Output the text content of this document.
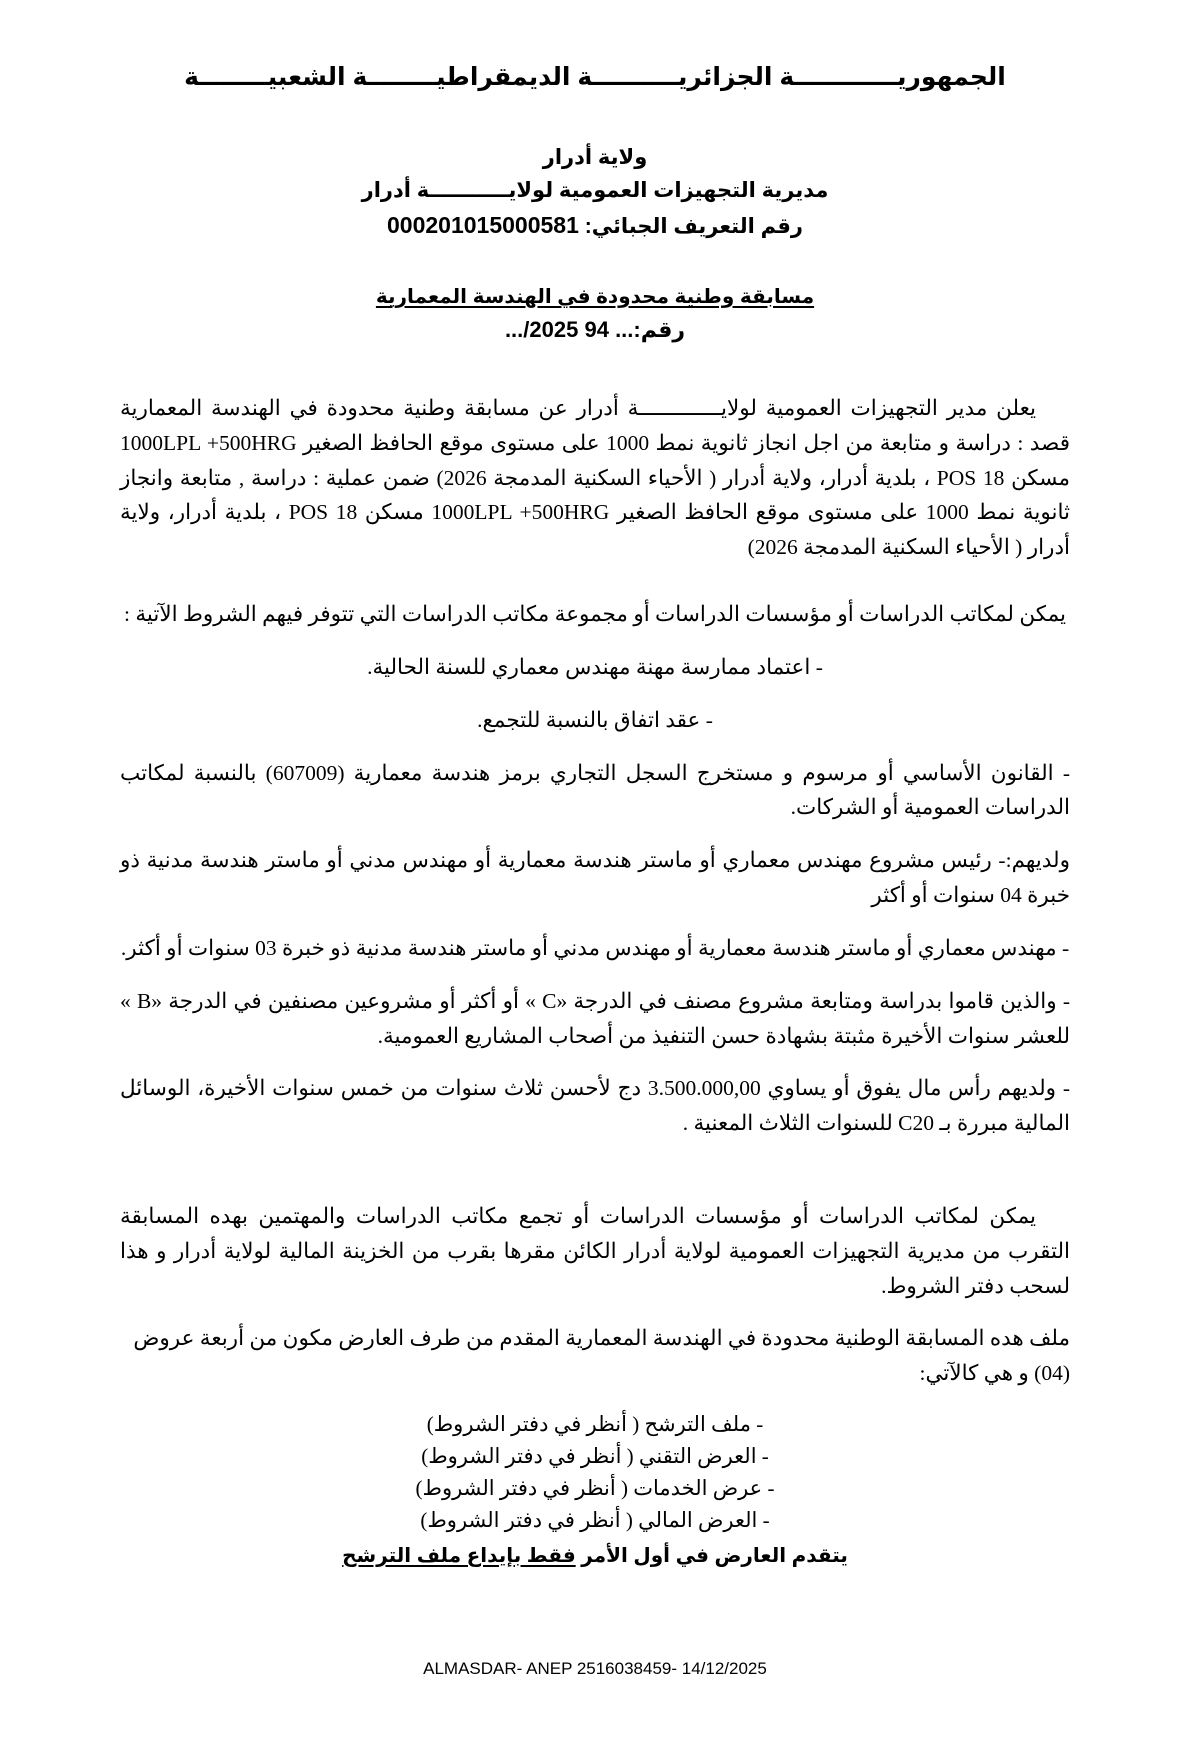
الجمهوريــــــــــــة الجزائريــــــــــة الديمقراطيــــــــة الشعبيــــــــة
ولاية أدرار
مديرية التجهيزات العمومية لولايـــــــــــة أدرار
رقم التعريف الجبائي: 000201015000581
مسابقة وطنية محدودة في الهندسة المعمارية
رقم:... 94 .../2025

يعلن مدير التجهيزات العمومية لولايـــــــــــــة أدرار عن مسابقة وطنية محدودة في الهندسة المعمارية قصد : دراسة و متابعة من اجل انجاز ثانوية نمط 1000 على مستوى موقع الحافظ الصغير 1000LPL +500HRG مسكن POS 18 ، بلدية أدرار، ولاية أدرار ( الأحياء السكنية المدمجة 2026) ضمن عملية : دراسة , متابعة وانجاز ثانوية نمط 1000 على مستوى موقع الحافظ الصغير 1000LPL +500HRG مسكن POS 18 ، بلدية أدرار، ولاية أدرار ( الأحياء السكنية المدمجة 2026)

يمكن لمكاتب الدراسات أو مؤسسات الدراسات أو مجموعة مكاتب الدراسات التي تتوفر فيهم الشروط الآتية :

- اعتماد ممارسة مهنة مهندس معماري للسنة الحالية.

- عقد اتفاق بالنسبة للتجمع.

- القانون الأساسي أو مرسوم و مستخرج السجل التجاري برمز هندسة معمارية (607009) بالنسبة لمكاتب الدراسات العمومية أو الشركات.

ولديهم:- رئيس مشروع مهندس معماري أو ماستر هندسة معمارية أو مهندس مدني أو ماستر هندسة مدنية ذو خبرة 04 سنوات أو أكثر

- مهندس معماري أو ماستر هندسة معمارية أو مهندس مدني أو ماستر هندسة مدنية ذو خبرة 03 سنوات أو أكثر.

- والذين قاموا بدراسة ومتابعة مشروع مصنف في الدرجة «C » أو أكثر أو مشروعين مصنفين في الدرجة «B » للعشر سنوات الأخيرة مثبتة بشهادة حسن التنفيذ من أصحاب المشاريع العمومية.

- ولديهم رأس مال يفوق أو يساوي 3.500.000,00 دج لأحسن ثلاث سنوات من خمس سنوات الأخيرة، الوسائل المالية مبررة بـ C20 للسنوات الثلاث المعنية .

يمكن لمكاتب الدراسات أو مؤسسات الدراسات أو تجمع مكاتب الدراسات والمهتمين بهده المسابقة التقرب من مديرية التجهيزات العمومية لولاية أدرار الكائن مقرها بقرب من الخزينة المالية لولاية أدرار و هذا لسحب دفتر الشروط.

ملف هده المسابقة الوطنية محدودة في الهندسة المعمارية المقدم من طرف العارض مكون من أربعة عروض (04) و هي كالآتي:

- ملف الترشح ( أنظر في دفتر الشروط)
- العرض التقني ( أنظر في دفتر الشروط)
- عرض الخدمات ( أنظر في دفتر الشروط)
- العرض المالي ( أنظر في دفتر الشروط)
يتقدم العارض في أول الأمر فقط بإيداع ملف الترشح
ALMASDAR- ANEP 2516038459- 14/12/2025
